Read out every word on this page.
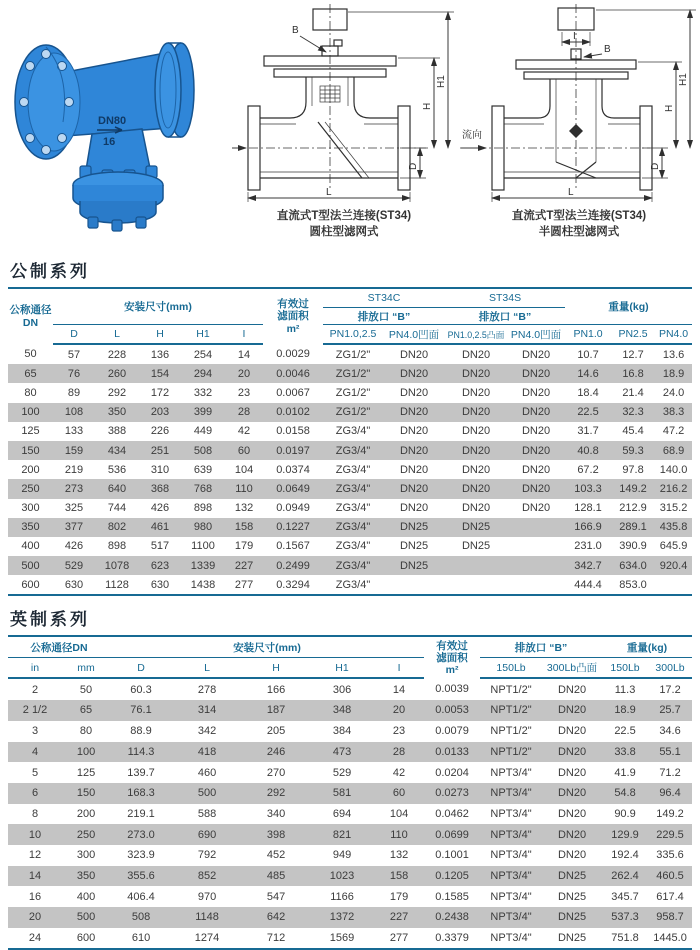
DN80
16
B
D
H
H1
L
直流式T型法兰连接(ST34)
圆柱型滤网式
流向
I
B
D
H
H1
L
直流式T型法兰连接(ST34)
半圆柱型滤网式
公制系列
公称通径
DN	安装尺寸(mm)					有效过
滤面积
m²	ST34C		ST34S		重量(kg)		
							排放口 “B”		排放口 “B”				
	D	L	H	H1	I		PN1.0,2.5	PN4.0凹面	PN1.0,2.5凸面	PN4.0凹面	PN1.0	PN2.5	PN4.0
50	57	228	136	254	14	0.0029	ZG1/2"	DN20	DN20	DN20	10.7	12.7	13.6
65	76	260	154	294	20	0.0046	ZG1/2"	DN20	DN20	DN20	14.6	16.8	18.9
80	89	292	172	332	23	0.0067	ZG1/2"	DN20	DN20	DN20	18.4	21.4	24.0
100	108	350	203	399	28	0.0102	ZG1/2"	DN20	DN20	DN20	22.5	32.3	38.3
125	133	388	226	449	42	0.0158	ZG3/4"	DN20	DN20	DN20	31.7	45.4	47.2
150	159	434	251	508	60	0.0197	ZG3/4"	DN20	DN20	DN20	40.8	59.3	68.9
200	219	536	310	639	104	0.0374	ZG3/4"	DN20	DN20	DN20	67.2	97.8	140.0
250	273	640	368	768	110	0.0649	ZG3/4"	DN20	DN20	DN20	103.3	149.2	216.2
300	325	744	426	898	132	0.0949	ZG3/4"	DN20	DN20	DN20	128.1	212.9	315.2
350	377	802	461	980	158	0.1227	ZG3/4"	DN25	DN25		166.9	289.1	435.8
400	426	898	517	1100	179	0.1567	ZG3/4"	DN25	DN25		231.0	390.9	645.9
500	529	1078	623	1339	227	0.2499	ZG3/4"	DN25			342.7	634.0	920.4
600	630	1128	630	1438	277	0.3294	ZG3/4"				444.4	853.0	
英制系列
公称通径DN		安装尺寸(mm)					有效过
滤面积
m²	排放口 “B”		重量(kg)	
in	mm	D	L	H	H1	I		150Lb	300Lb凸面	150Lb	300Lb
2	50	60.3	278	166	306	14	0.0039	NPT1/2"	DN20	11.3	17.2
2 1/2	65	76.1	314	187	348	20	0.0053	NPT1/2"	DN20	18.9	25.7
3	80	88.9	342	205	384	23	0.0079	NPT1/2"	DN20	22.5	34.6
4	100	114.3	418	246	473	28	0.0133	NPT1/2"	DN20	33.8	55.1
5	125	139.7	460	270	529	42	0.0204	NPT3/4"	DN20	41.9	71.2
6	150	168.3	500	292	581	60	0.0273	NPT3/4"	DN20	54.8	96.4
8	200	219.1	588	340	694	104	0.0462	NPT3/4"	DN20	90.9	149.2
10	250	273.0	690	398	821	110	0.0699	NPT3/4"	DN20	129.9	229.5
12	300	323.9	792	452	949	132	0.1001	NPT3/4"	DN20	192.4	335.6
14	350	355.6	852	485	1023	158	0.1205	NPT3/4"	DN25	262.4	460.5
16	400	406.4	970	547	1166	179	0.1585	NPT3/4"	DN25	345.7	617.4
20	500	508	1148	642	1372	227	0.2438	NPT3/4"	DN25	537.3	958.7
24	600	610	1274	712	1569	277	0.3379	NPT3/4"	DN25	751.8	1445.0
